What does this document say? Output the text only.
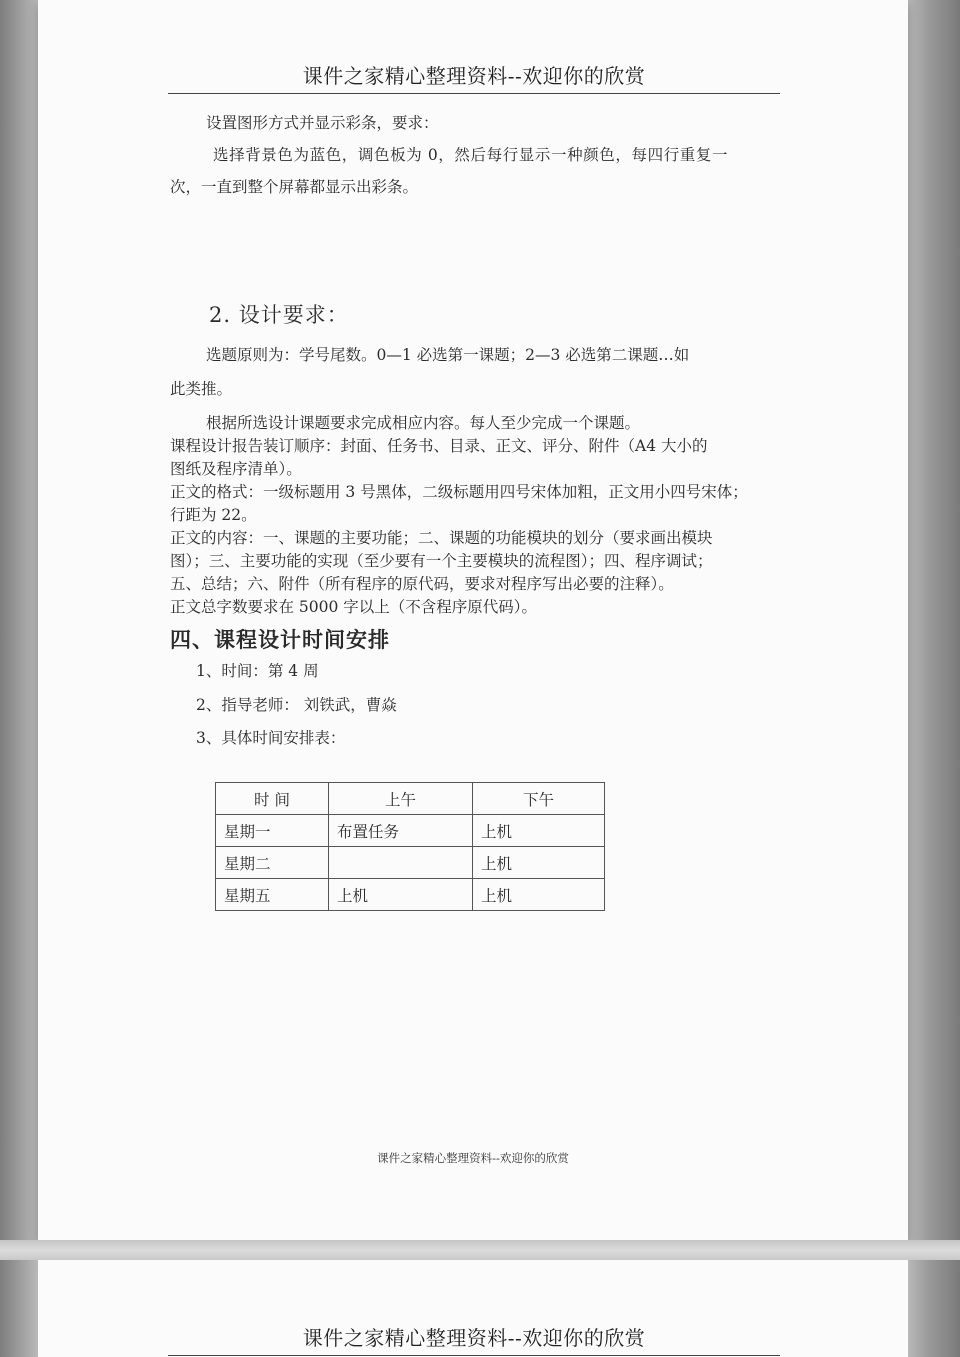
课件之家精心整理资料--欢迎你的欣赏
设置图形方式并显示彩条，要求：
选择背景色为蓝色，调色板为 0，然后每行显示一种颜色，每四行重复一
次，一直到整个屏幕都显示出彩条。
2. 设计要求：
选题原则为：学号尾数。0—1 必选第一课题；2—3 必选第二课题…如
此类推。
根据所选设计课题要求完成相应内容。每人至少完成一个课题。
课程设计报告装订顺序：封面、任务书、目录、正文、评分、附件（A4 大小的
图纸及程序清单）。
正文的格式：一级标题用 3 号黑体，二级标题用四号宋体加粗，正文用小四号宋体；
行距为 22。
正文的内容：一、课题的主要功能；二、课题的功能模块的划分（要求画出模块
图）；三、主要功能的实现（至少要有一个主要模块的流程图）；四、程序调试；
五、总结；六、附件（所有程序的原代码，要求对程序写出必要的注释）。
正文总字数要求在 5000 字以上（不含程序原代码）。
四、课程设计时间安排
1、时间：第 4 周
2、指导老师： 刘铁武，曹焱
3、具体时间安排表：
时 间	上午	下午
星期一	布置任务	上机
星期二		上机
星期五	上机	上机
课件之家精心整理资料--欢迎你的欣赏
课件之家精心整理资料--欢迎你的欣赏
